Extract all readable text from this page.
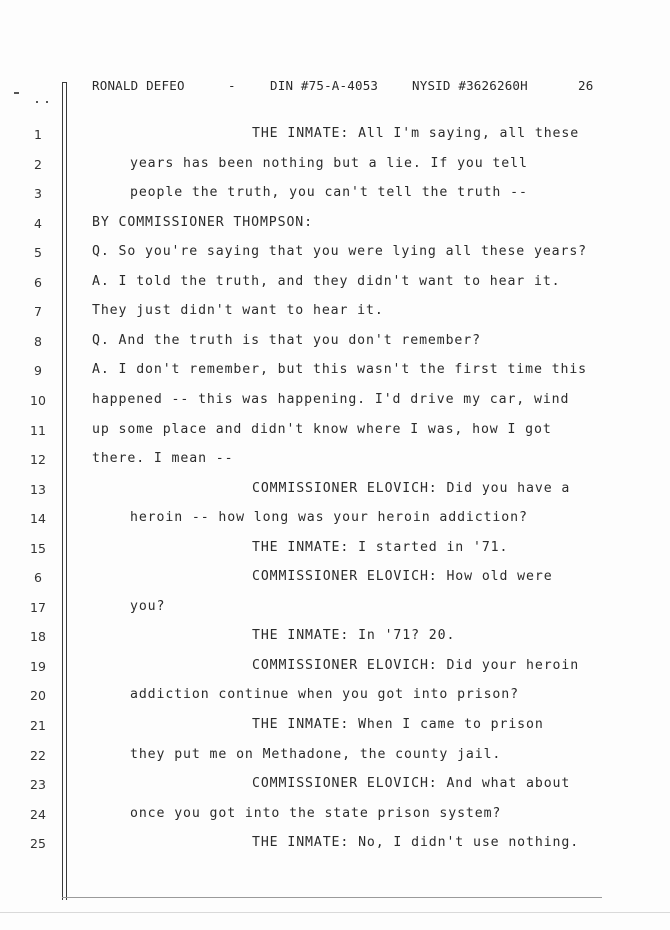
RONALD DEFEO	-	DIN #75-A-4053	NYSID #3626260H	26
1	THE INMATE: All I'm saying, all these
2	years has been nothing but a lie. If you tell
3	people the truth, you can't tell the truth --
4	BY COMMISSIONER THOMPSON:
5	Q. So you're saying that you were lying all these years?
6	A. I told the truth, and they didn't want to hear it.
7	They just didn't want to hear it.
8	Q. And the truth is that you don't remember?
9	A. I don't remember, but this wasn't the first time this
10	happened -- this was happening. I'd drive my car, wind
11	up some place and didn't know where I was, how I got
12	there. I mean --
13	COMMISSIONER ELOVICH: Did you have a
14	heroin -- how long was your heroin addiction?
15	THE INMATE: I started in '71.
6	COMMISSIONER ELOVICH: How old were
17	you?
18	THE INMATE: In '71? 20.
19	COMMISSIONER ELOVICH: Did your heroin
20	addiction continue when you got into prison?
21	THE INMATE: When I came to prison
22	they put me on Methadone, the county jail.
23	COMMISSIONER ELOVICH: And what about
24	once you got into the state prison system?
25	THE INMATE: No, I didn't use nothing.
